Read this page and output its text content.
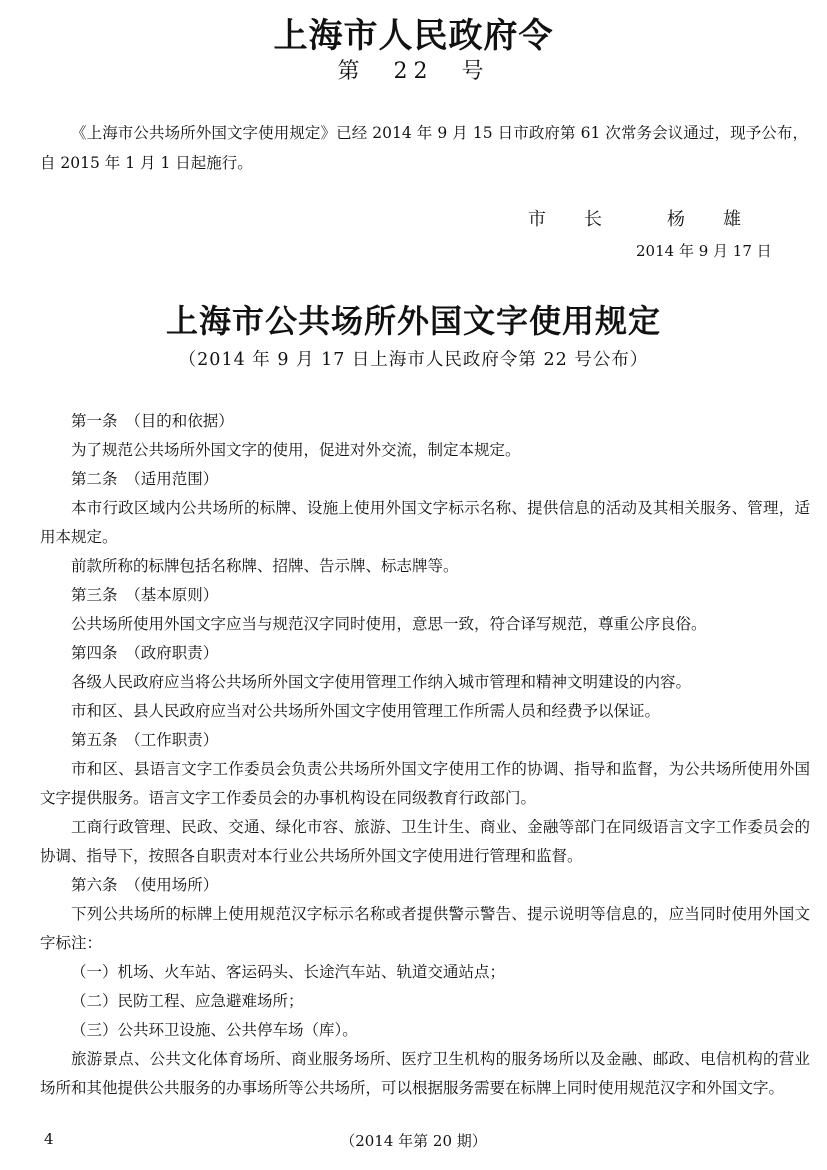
上海市人民政府令
第　22　号
《上海市公共场所外国文字使用规定》已经 2014 年 9 月 15 日市政府第 61 次常务会议通过，现予公布，自 2015 年 1 月 1 日起施行。
市　长	杨　雄
2014 年 9 月 17 日
上海市公共场所外国文字使用规定
（2014 年 9 月 17 日上海市人民政府令第 22 号公布）

第一条　（目的和依据）

为了规范公共场所外国文字的使用，促进对外交流，制定本规定。

第二条　（适用范围）

本市行政区域内公共场所的标牌、设施上使用外国文字标示名称、提供信息的活动及其相关服务、管理，适用本规定。

前款所称的标牌包括名称牌、招牌、告示牌、标志牌等。

第三条　（基本原则）

公共场所使用外国文字应当与规范汉字同时使用，意思一致，符合译写规范，尊重公序良俗。

第四条　（政府职责）

各级人民政府应当将公共场所外国文字使用管理工作纳入城市管理和精神文明建设的内容。

市和区、县人民政府应当对公共场所外国文字使用管理工作所需人员和经费予以保证。

第五条　（工作职责）

市和区、县语言文字工作委员会负责公共场所外国文字使用工作的协调、指导和监督，为公共场所使用外国文字提供服务。语言文字工作委员会的办事机构设在同级教育行政部门。

工商行政管理、民政、交通、绿化市容、旅游、卫生计生、商业、金融等部门在同级语言文字工作委员会的协调、指导下，按照各自职责对本行业公共场所外国文字使用进行管理和监督。

第六条　（使用场所）

下列公共场所的标牌上使用规范汉字标示名称或者提供警示警告、提示说明等信息的，应当同时使用外国文字标注：

（一）机场、火车站、客运码头、长途汽车站、轨道交通站点；

（二）民防工程、应急避难场所；

（三）公共环卫设施、公共停车场（库）。

旅游景点、公共文化体育场所、商业服务场所、医疗卫生机构的服务场所以及金融、邮政、电信机构的营业场所和其他提供公共服务的办事场所等公共场所，可以根据服务需要在标牌上同时使用规范汉字和外国文字。

4	（2014 年第 20 期）
